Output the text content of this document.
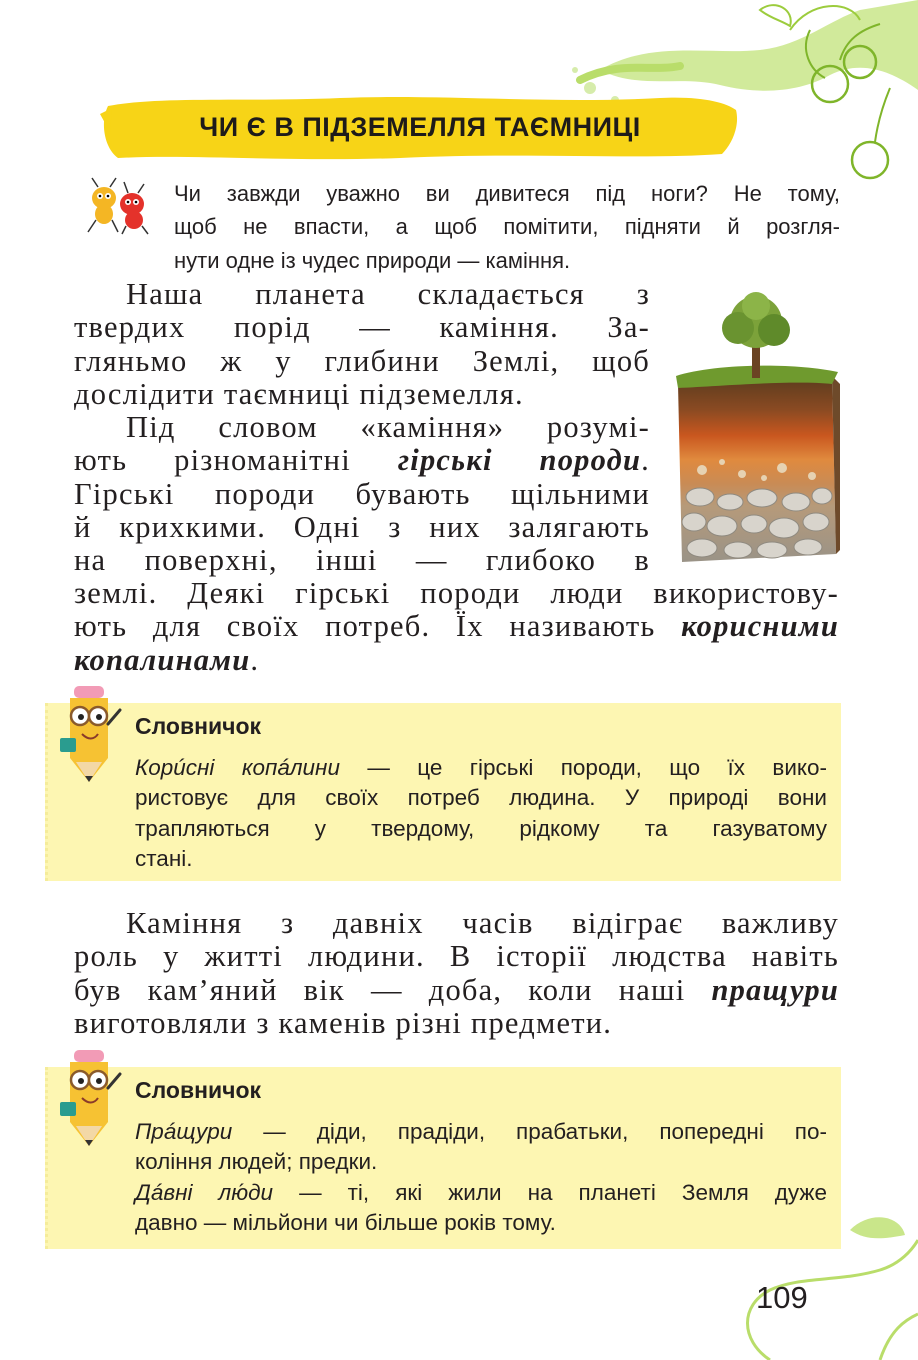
ЧИ Є В ПІДЗЕМЕЛЛЯ ТАЄМНИЦІ
Чи завжди уважно ви дивитеся під ноги? Не тому,
щоб не впасти, а щоб помітити, підняти й розгля-
нути одне із чудес природи — каміння.
Наша планета складається з
твердих порід — каміння. За-
гляньмо ж у глибини Землі, щоб
дослідити таємниці підземелля.
Під словом «каміння» розумі-
ють різноманітні гірські породи.
Гірські породи бувають щільними
й крихкими. Одні з них залягають
на поверхні, інші — глибоко в
землі. Деякі гірські породи люди використову-
ють для своїх потреб. Їх називають корисними
копалинами.
Словничок
Корúсні копáлини — це гірські породи, що їх вико-
ристовує для своїх потреб людина. У природі вони
трапляються у твердому, рідкому та газуватому
стані.
Каміння з давніх часів відіграє важливу
роль у житті людини. В історії людства навіть
був кам’яний вік — доба, коли наші пращури
виготовляли з каменів різні предмети.
Словничок
Прáщури — діди, прадіди, прабатьки, попередні по-
коління людей; предки.
Дáвні лю́ди — ті, які жили на планеті Земля дуже
давно — мільйони чи більше років тому.
109
